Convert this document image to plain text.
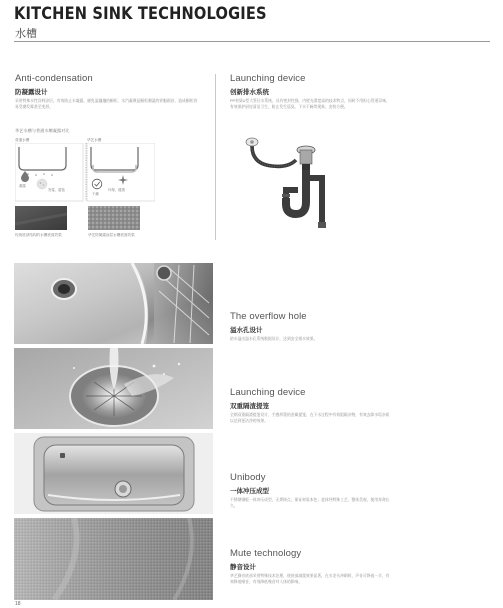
KITCHEN SINK TECHNOLOGIES
水槽
Anti-condensation
防凝露设计
采用特殊水性涂料涂层，有效防止水凝露，避免湿漉漉的橱柜，水汽凝聚是橱柜潮湿的罪魁祸首，造成橱柜容易受潮发霉甚至变形。
华艺水槽与普通水槽凝露对比
普通水槽	华艺水槽
凝露
发霉、腐蚀
干燥
环保、健康
传统底部结构的水槽底面效果	华艺防凝露涂层水槽底面效果
Launching device
创新排水系统
PP材质U型大管径水系统，具有密封性强、内壁光滑度高的技术特点，同时不用担心管道异味，有效保护厨房清洁卫生，防止发生返臭、下水不畅等现象，安装方便。
The overflow hole
溢水孔设计
防水溢出溢水孔系统数据设计，达到安全排水效果。
Launching device
双重隔渣提笼
全钢双重隔渣提笼设计，手感厚重的金属提笼，在下水过程中有效阻隔杂物，有效去除水垢杂质以达到更洁净的效果。
Unibody
一体冲压成型
不锈钢钢板一体冲压成型，无焊接点，保证材质本色；盆体经特殊工艺，整体美观，使用寿命长久。
Mute technology
静音设计
华艺静音底部采用特殊技术处理，使底部减震效果显著，在水龙头冲刷时，声音可降低一半，有效降低噪音，有效降低噪音对人体的影响。
18
